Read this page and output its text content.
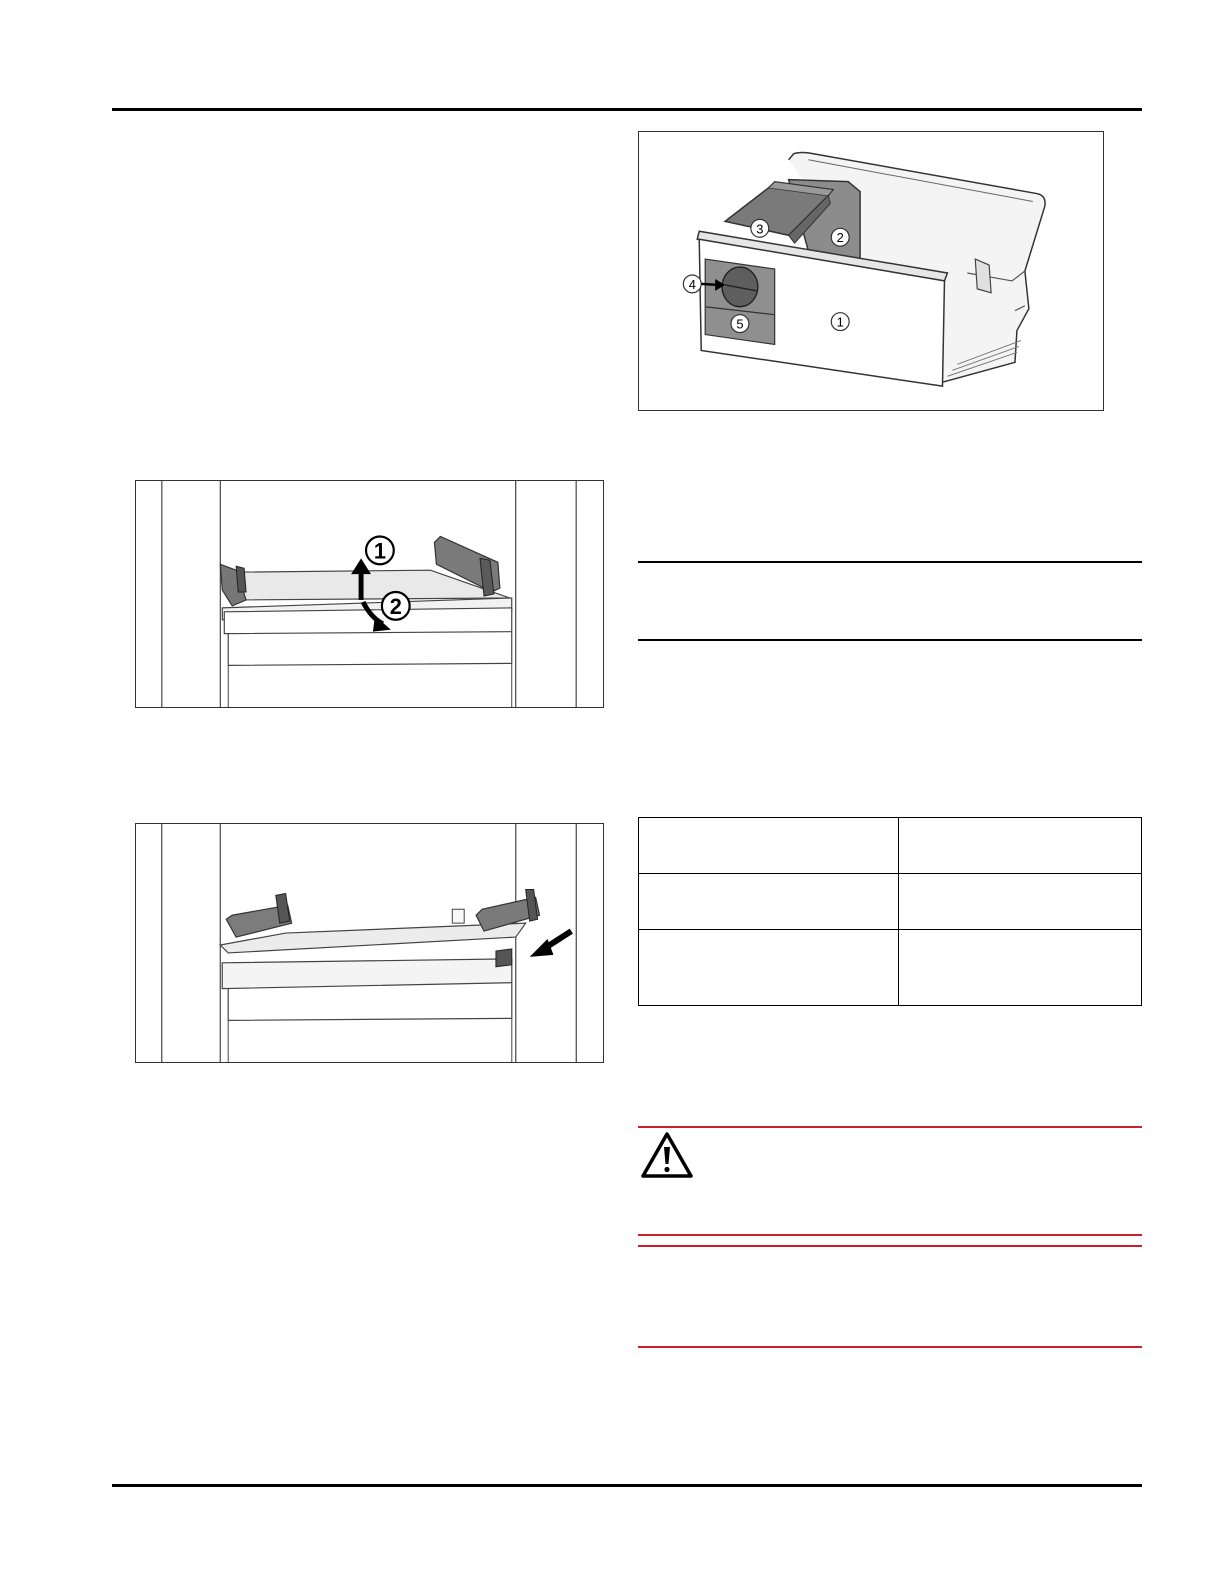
3
2
4
5	1
1
2
